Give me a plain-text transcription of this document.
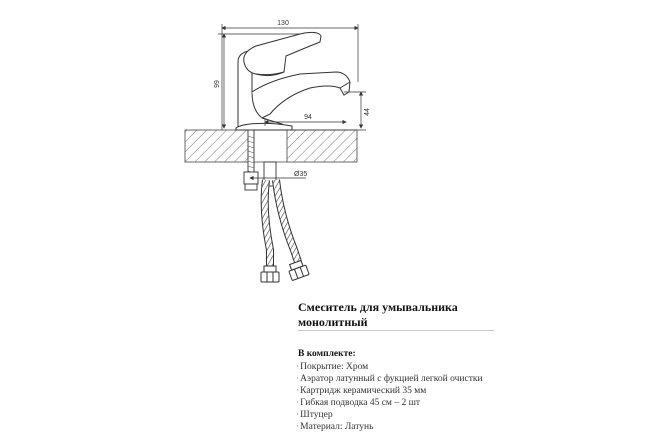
130
99
94
44
Ø35
Смеситель для умывальника
монолитный
В комплекте:
· Покрытие: Хром
· Аэратор латунный с фукцией легкой очистки
· Картридж керамический 35 мм
· Гибкая подводка 45 см – 2 шт
· Штуцер
· Материал: Латунь
